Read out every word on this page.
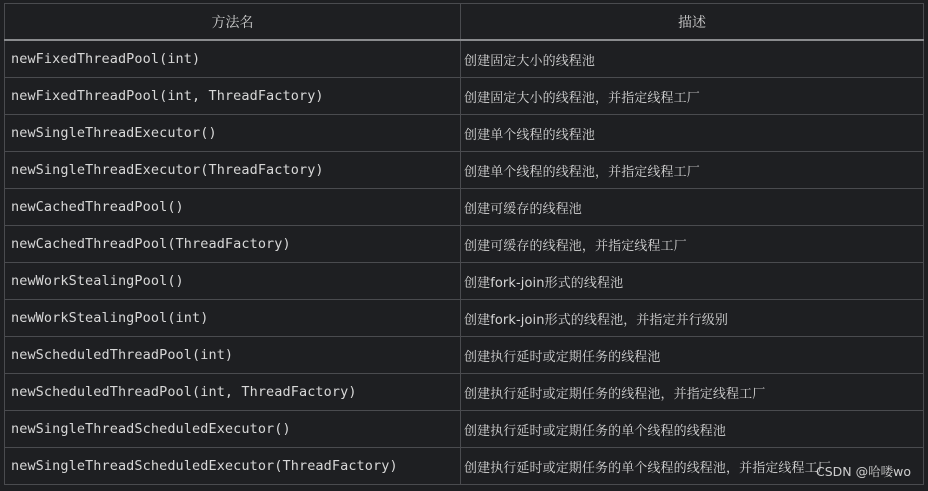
方法名	描述
newFixedThreadPool(int)	创建固定大小的线程池
newFixedThreadPool(int, ThreadFactory)	创建固定大小的线程池，并指定线程工厂
newSingleThreadExecutor()	创建单个线程的线程池
newSingleThreadExecutor(ThreadFactory)	创建单个线程的线程池，并指定线程工厂
newCachedThreadPool()	创建可缓存的线程池
newCachedThreadPool(ThreadFactory)	创建可缓存的线程池，并指定线程工厂
newWorkStealingPool()	创建fork-join形式的线程池
newWorkStealingPool(int)	创建fork-join形式的线程池，并指定并行级别
newScheduledThreadPool(int)	创建执行延时或定期任务的线程池
newScheduledThreadPool(int, ThreadFactory)	创建执行延时或定期任务的线程池，并指定线程工厂
newSingleThreadScheduledExecutor()	创建执行延时或定期任务的单个线程的线程池
newSingleThreadScheduledExecutor(ThreadFactory)	创建执行延时或定期任务的单个线程的线程池，并指定线程工厂
CSDN @哈喽wo
